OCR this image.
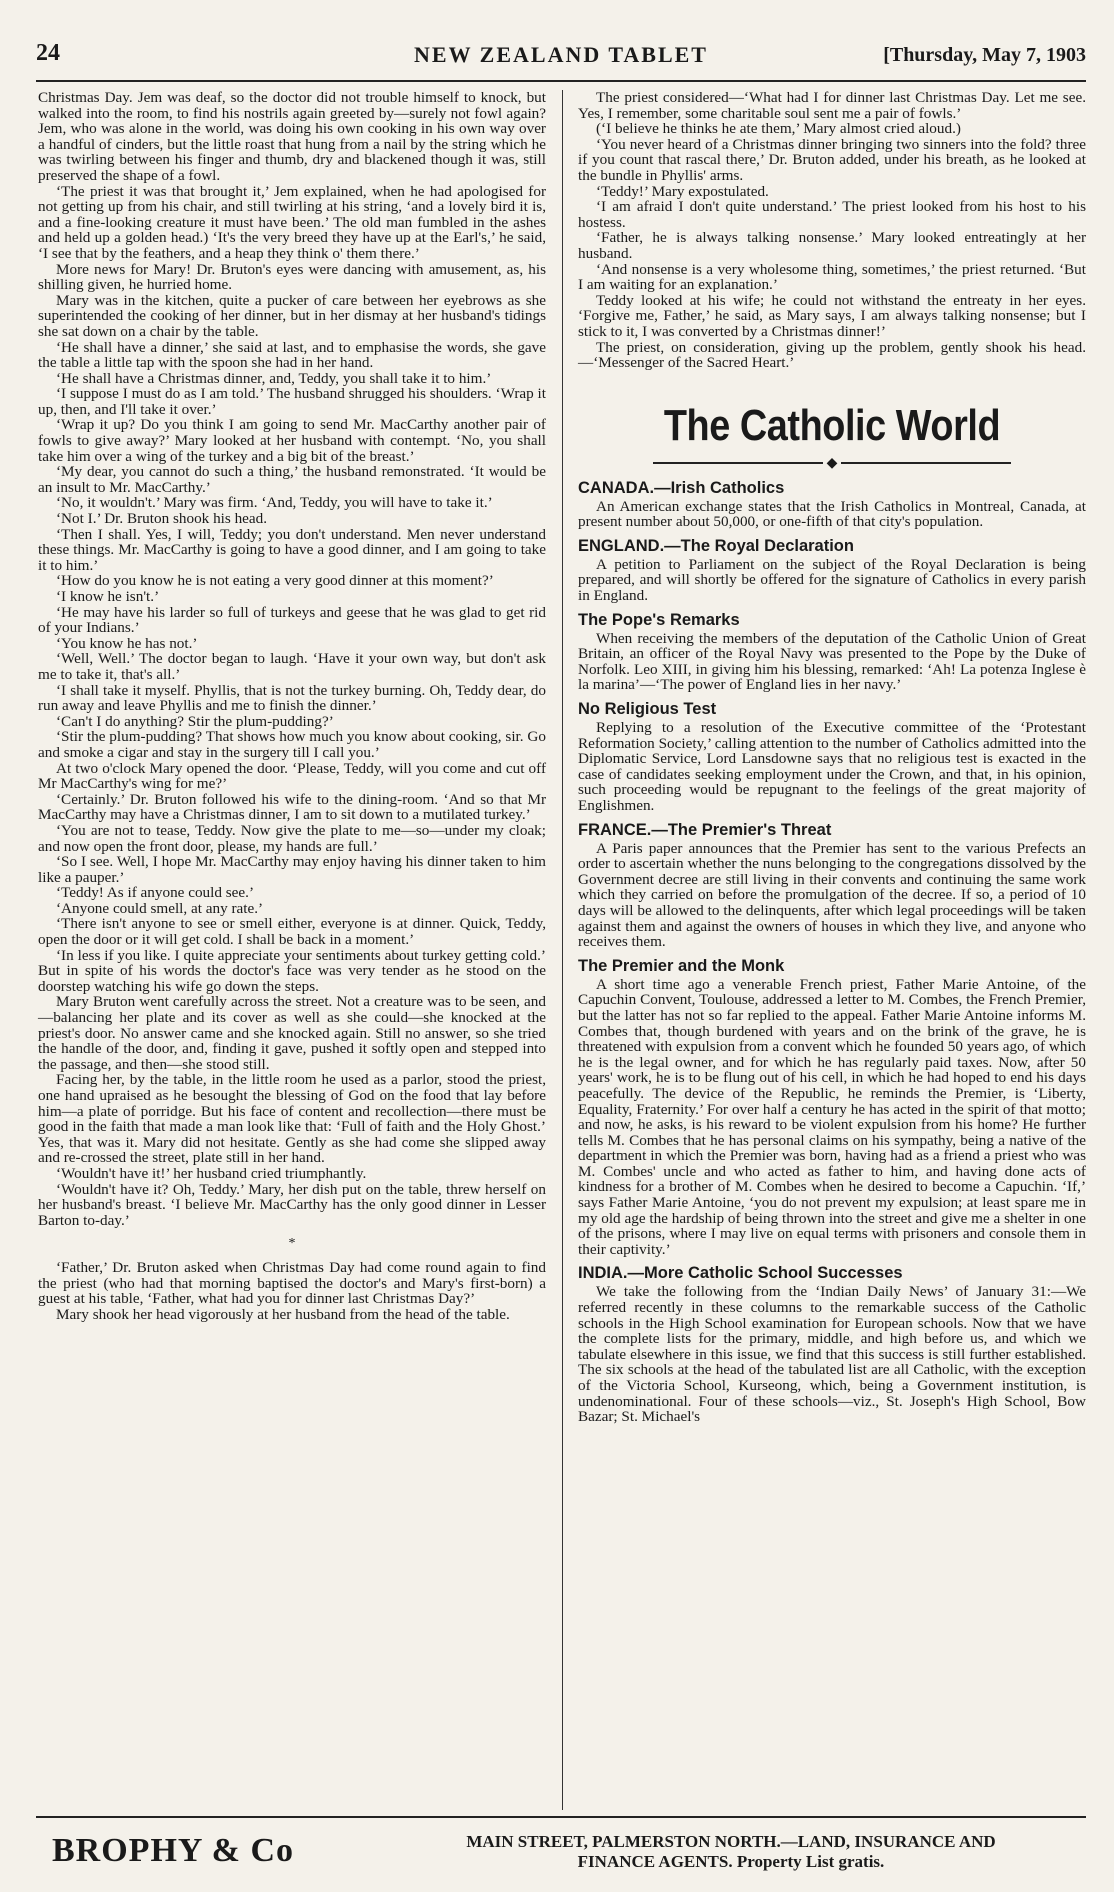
24	NEW ZEALAND TABLET	[Thursday, May 7, 1903

Christmas Day. Jem was deaf, so the doctor did not trouble himself to knock, but walked into the room, to find his nostrils again greeted by—surely not fowl again? Jem, who was alone in the world, was doing his own cooking in his own way over a handful of cinders, but the little roast that hung from a nail by the string which he was twirling between his finger and thumb, dry and blackened though it was, still preserved the shape of a fowl.

‘The priest it was that brought it,’ Jem explained, when he had apologised for not getting up from his chair, and still twirling at his string, ‘and a lovely bird it is, and a fine-looking creature it must have been.’ The old man fumbled in the ashes and held up a golden head.) ‘It's the very breed they have up at the Earl's,’ he said, ‘I see that by the feathers, and a heap they think o' them there.’

More news for Mary! Dr. Bruton's eyes were dancing with amusement, as, his shilling given, he hurried home.

Mary was in the kitchen, quite a pucker of care between her eyebrows as she superintended the cooking of her dinner, but in her dismay at her husband's tidings she sat down on a chair by the table.

‘He shall have a dinner,’ she said at last, and to emphasise the words, she gave the table a little tap with the spoon she had in her hand.

‘He shall have a Christmas dinner, and, Teddy, you shall take it to him.’

‘I suppose I must do as I am told.’ The husband shrugged his shoulders. ‘Wrap it up, then, and I'll take it over.’

‘Wrap it up? Do you think I am going to send Mr. MacCarthy another pair of fowls to give away?’ Mary looked at her husband with contempt. ‘No, you shall take him over a wing of the turkey and a big bit of the breast.’

‘My dear, you cannot do such a thing,’ the husband remonstrated. ‘It would be an insult to Mr. MacCarthy.’

‘No, it wouldn't.’ Mary was firm. ‘And, Teddy, you will have to take it.’

‘Not I.’ Dr. Bruton shook his head.

‘Then I shall. Yes, I will, Teddy; you don't understand. Men never understand these things. Mr. MacCarthy is going to have a good dinner, and I am going to take it to him.’

‘How do you know he is not eating a very good dinner at this moment?’

‘I know he isn't.’

‘He may have his larder so full of turkeys and geese that he was glad to get rid of your Indians.’

‘You know he has not.’

‘Well, Well.’ The doctor began to laugh. ‘Have it your own way, but don't ask me to take it, that's all.’

‘I shall take it myself. Phyllis, that is not the turkey burning. Oh, Teddy dear, do run away and leave Phyllis and me to finish the dinner.’

‘Can't I do anything? Stir the plum-pudding?’

‘Stir the plum-pudding? That shows how much you know about cooking, sir. Go and smoke a cigar and stay in the surgery till I call you.’

At two o'clock Mary opened the door. ‘Please, Teddy, will you come and cut off Mr MacCarthy's wing for me?’

‘Certainly.’ Dr. Bruton followed his wife to the dining-room. ‘And so that Mr MacCarthy may have a Christmas dinner, I am to sit down to a mutilated turkey.’

‘You are not to tease, Teddy. Now give the plate to me—so—under my cloak; and now open the front door, please, my hands are full.’

‘So I see. Well, I hope Mr. MacCarthy may enjoy having his dinner taken to him like a pauper.’

‘Teddy! As if anyone could see.’

‘Anyone could smell, at any rate.’

‘There isn't anyone to see or smell either, everyone is at dinner. Quick, Teddy, open the door or it will get cold. I shall be back in a moment.’

‘In less if you like. I quite appreciate your sentiments about turkey getting cold.’ But in spite of his words the doctor's face was very tender as he stood on the doorstep watching his wife go down the steps.

Mary Bruton went carefully across the street. Not a creature was to be seen, and—balancing her plate and its cover as well as she could—she knocked at the priest's door. No answer came and she knocked again. Still no answer, so she tried the handle of the door, and, finding it gave, pushed it softly open and stepped into the passage, and then—she stood still.

Facing her, by the table, in the little room he used as a parlor, stood the priest, one hand upraised as he besought the blessing of God on the food that lay before him—a plate of porridge. But his face of content and recollection—there must be good in the faith that made a man look like that: ‘Full of faith and the Holy Ghost.’ Yes, that was it. Mary did not hesitate. Gently as she had come she slipped away and re-crossed the street, plate still in her hand.

‘Wouldn't have it!’ her husband cried triumphantly.

‘Wouldn't have it? Oh, Teddy.’ Mary, her dish put on the table, threw herself on her husband's breast. ‘I believe Mr. MacCarthy has the only good dinner in Lesser Barton to-day.’

*

‘Father,’ Dr. Bruton asked when Christmas Day had come round again to find the priest (who had that morning baptised the doctor's and Mary's first-born) a guest at his table, ‘Father, what had you for dinner last Christmas Day?’

Mary shook her head vigorously at her husband from the head of the table.

The priest considered—‘What had I for dinner last Christmas Day. Let me see. Yes, I remember, some charitable soul sent me a pair of fowls.’

(‘I believe he thinks he ate them,’ Mary almost cried aloud.)

‘You never heard of a Christmas dinner bringing two sinners into the fold? three if you count that rascal there,’ Dr. Bruton added, under his breath, as he looked at the bundle in Phyllis' arms.

‘Teddy!’ Mary expostulated.

‘I am afraid I don't quite understand.’ The priest looked from his host to his hostess.

‘Father, he is always talking nonsense.’ Mary looked entreatingly at her husband.

‘And nonsense is a very wholesome thing, sometimes,’ the priest returned. ‘But I am waiting for an explanation.’

Teddy looked at his wife; he could not withstand the entreaty in her eyes. ‘Forgive me, Father,’ he said, as Mary says, I am always talking nonsense; but I stick to it, I was converted by a Christmas dinner!’

The priest, on consideration, giving up the problem, gently shook his head.—‘Messenger of the Sacred Heart.’

The Catholic World
◆
CANADA.—Irish Catholics

An American exchange states that the Irish Catholics in Montreal, Canada, at present number about 50,000, or one-fifth of that city's population.

ENGLAND.—The Royal Declaration

A petition to Parliament on the subject of the Royal Declaration is being prepared, and will shortly be offered for the signature of Catholics in every parish in England.

The Pope's Remarks

When receiving the members of the deputation of the Catholic Union of Great Britain, an officer of the Royal Navy was presented to the Pope by the Duke of Norfolk. Leo XIII, in giving him his blessing, remarked: ‘Ah! La potenza Inglese è la marina’—‘The power of England lies in her navy.’

No Religious Test

Replying to a resolution of the Executive committee of the ‘Protestant Reformation Society,’ calling attention to the number of Catholics admitted into the Diplomatic Service, Lord Lansdowne says that no religious test is exacted in the case of candidates seeking employment under the Crown, and that, in his opinion, such proceeding would be repugnant to the feelings of the great majority of Englishmen.

FRANCE.—The Premier's Threat

A Paris paper announces that the Premier has sent to the various Prefects an order to ascertain whether the nuns belonging to the congregations dissolved by the Government decree are still living in their convents and continuing the same work which they carried on before the promulgation of the decree. If so, a period of 10 days will be allowed to the delinquents, after which legal proceedings will be taken against them and against the owners of houses in which they live, and anyone who receives them.

The Premier and the Monk

A short time ago a venerable French priest, Father Marie Antoine, of the Capuchin Convent, Toulouse, addressed a letter to M. Combes, the French Premier, but the latter has not so far replied to the appeal. Father Marie Antoine informs M. Combes that, though burdened with years and on the brink of the grave, he is threatened with expulsion from a convent which he founded 50 years ago, of which he is the legal owner, and for which he has regularly paid taxes. Now, after 50 years' work, he is to be flung out of his cell, in which he had hoped to end his days peacefully. The device of the Republic, he reminds the Premier, is ‘Liberty, Equality, Fraternity.’ For over half a century he has acted in the spirit of that motto; and now, he asks, is his reward to be violent expulsion from his home? He further tells M. Combes that he has personal claims on his sympathy, being a native of the department in which the Premier was born, having had as a friend a priest who was M. Combes' uncle and who acted as father to him, and having done acts of kindness for a brother of M. Combes when he desired to become a Capuchin. ‘If,’ says Father Marie Antoine, ‘you do not prevent my expulsion; at least spare me in my old age the hardship of being thrown into the street and give me a shelter in one of the prisons, where I may live on equal terms with prisoners and console them in their captivity.’

INDIA.—More Catholic School Successes

We take the following from the ‘Indian Daily News’ of January 31:—We referred recently in these columns to the remarkable success of the Catholic schools in the High School examination for European schools. Now that we have the complete lists for the primary, middle, and high before us, and which we tabulate elsewhere in this issue, we find that this success is still further established. The six schools at the head of the tabulated list are all Catholic, with the exception of the Victoria School, Kurseong, which, being a Government institution, is undenominational. Four of these schools—viz., St. Joseph's High School, Bow Bazar; St. Michael's

BROPHY & Co	MAIN STREET, PALMERSTON NORTH.—LAND, INSURANCE AND
FINANCE AGENTS. Property List gratis.
